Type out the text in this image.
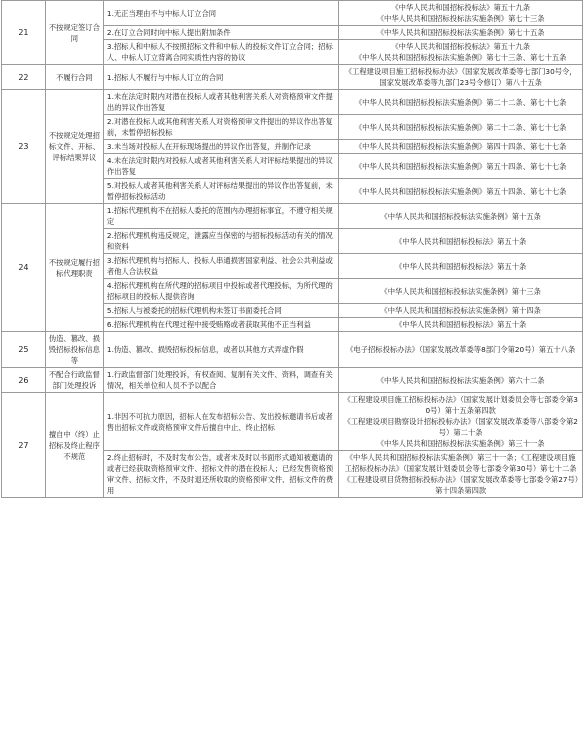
21	不按规定签订合同	1.无正当理由不与中标人订立合同	《中华人民共和国招标投标法》第五十九条
《中华人民共和国招标投标法实施条例》第七十三条

		2.在订立合同时向中标人提出附加条件	《中华人民共和国招标投标法实施条例》第七十五条

		3.招标人和中标人不按照招标文件和中标人的投标文件订立合同；招标人、中标人订立背离合同实质性内容的协议	《中华人民共和国招标投标法》第五十九条
《中华人民共和国招标投标法实施条例》第七十三条、第七十五条

22	不履行合同	1.招标人不履行与中标人订立的合同	《工程建设项目施工招标投标办法》（国家发展改革委等七部门30号令，国家发展改革委等九部门23号令修订）第八十五条

23	不按规定处理招标文件、开标、评标结果异议	1.未在法定时限内对潜在投标人或者其他利害关系人对资格预审文件提出的异议作出答复	《中华人民共和国招标投标法实施条例》第二十二条、第七十七条

		2.对潜在投标人或其他利害关系人对资格预审文件提出的异议作出答复前，未暂停招标投标	《中华人民共和国招标投标法实施条例》第二十二条、第七十七条

		3.未当场对投标人在开标现场提出的异议作出答复，并制作记录	《中华人民共和国招标投标法实施条例》第四十四条、第七十七条

		4.未在法定时限内对投标人或者其他利害关系人对评标结果提出的异议作出答复	《中华人民共和国招标投标法实施条例》第五十四条、第七十七条

		5.对投标人或者其他利害关系人对评标结果提出的异议作出答复前，未暂停招标投标活动	《中华人民共和国招标投标法实施条例》第五十四条、第七十七条

24	不按规定履行招标代理职责	1.招标代理机构不在招标人委托的范围内办理招标事宜，不遵守相关规定	《中华人民共和国招标投标法实施条例》第十五条

		2.招标代理机构违反规定，泄露应当保密的与招标投标活动有关的情况和资料	《中华人民共和国招标投标法》第五十条

		3.招标代理机构与招标人、投标人串通损害国家利益、社会公共利益或者他人合法权益	《中华人民共和国招标投标法》第五十条

		4.招标代理机构在所代理的招标项目中投标或者代理投标，为所代理的招标项目的投标人提供咨询	《中华人民共和国招标投标法实施条例》第十三条

		5.招标人与被委托的招标代理机构未签订书面委托合同	《中华人民共和国招标投标法实施条例》第十四条

		6.招标代理机构在代理过程中接受贿赂或者获取其他不正当利益	《中华人民共和国招标投标法》第五十条

25	伪造、篡改、损毁招标投标信息等	1.伪造、篡改、损毁招标投标信息，或者以其他方式弄虚作假	《电子招标投标办法》（国家发展改革委等8部门令第20号）第五十八条

26	不配合行政监督部门处理投诉	1.行政监督部门处理投诉，有权查阅、复制有关文件、资料，调查有关情况，相关单位和人员不予以配合	《中华人民共和国招标投标法实施条例》第六十二条

27	擅自中（终）止招标及终止程序不规范	1.非因不可抗力原因，招标人在发布招标公告、发出投标邀请书后或者售出招标文件或资格预审文件后擅自中止、终止招标	《工程建设项目施工招标投标办法》（国家发展计划委员会等七部委令第30号）第十五条第四款
《工程建设项目勘察设计招标投标办法》（国家发展改革委等八部委令第2号）第二十条
《中华人民共和国招标投标法实施条例》第三十一条

		2.终止招标时，不及时发布公告，或者未及时以书面形式通知被邀请的或者已经获取资格预审文件、招标文件的潜在投标人；已经发售资格预审文件、招标文件，不及时退还所收取的资格预审文件、招标文件的费用	《中华人民共和国招标投标法实施条例》第三十一条；《工程建设项目施工招标投标办法》（国家发展计划委员会等七部委令第30号）第七十二条
《工程建设项目货物招标投标办法》（国家发展改革委等七部委令第27号）第十四条第四款
